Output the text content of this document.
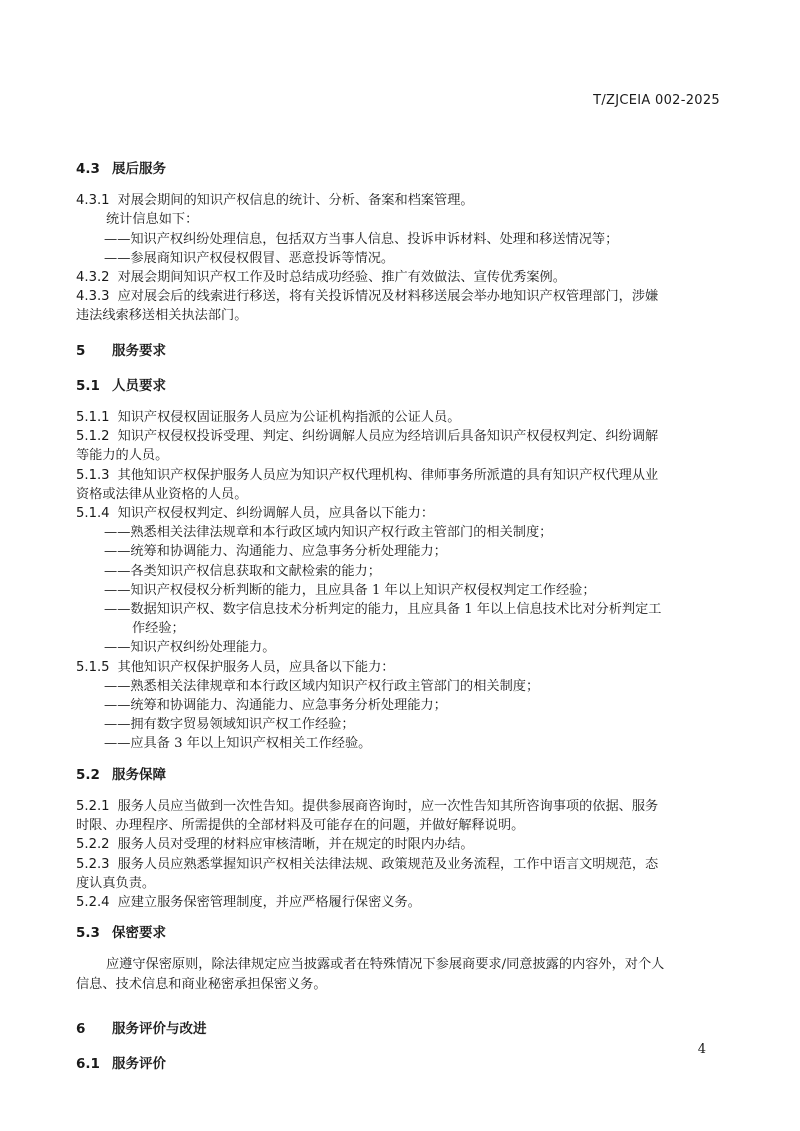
T/ZJCEIA 002-2025
4.3 展后服务

4.3.1 对展会期间的知识产权信息的统计、分析、备案和档案管理。

统计信息如下：

——知识产权纠纷处理信息，包括双方当事人信息、投诉申诉材料、处理和移送情况等；

——参展商知识产权侵权假冒、恶意投诉等情况。

4.3.2 对展会期间知识产权工作及时总结成功经验、推广有效做法、宣传优秀案例。

4.3.3 应对展会后的线索进行移送，将有关投诉情况及材料移送展会举办地知识产权管理部门，涉嫌

违法线索移送相关执法部门。

5 服务要求
5.1 人员要求

5.1.1 知识产权侵权固证服务人员应为公证机构指派的公证人员。

5.1.2 知识产权侵权投诉受理、判定、纠纷调解人员应为经培训后具备知识产权侵权判定、纠纷调解

等能力的人员。

5.1.3 其他知识产权保护服务人员应为知识产权代理机构、律师事务所派遣的具有知识产权代理从业

资格或法律从业资格的人员。

5.1.4 知识产权侵权判定、纠纷调解人员，应具备以下能力：

——熟悉相关法律法规章和本行政区域内知识产权行政主管部门的相关制度；

——统筹和协调能力、沟通能力、应急事务分析处理能力；

——各类知识产权信息获取和文献检索的能力；

——知识产权侵权分析判断的能力，且应具备 1 年以上知识产权侵权判定工作经验；

——数据知识产权、数字信息技术分析判定的能力，且应具备 1 年以上信息技术比对分析判定工

作经验；

——知识产权纠纷处理能力。

5.1.5 其他知识产权保护服务人员，应具备以下能力：

——熟悉相关法律规章和本行政区域内知识产权行政主管部门的相关制度；

——统筹和协调能力、沟通能力、应急事务分析处理能力；

——拥有数字贸易领域知识产权工作经验；

——应具备 3 年以上知识产权相关工作经验。

5.2 服务保障

5.2.1 服务人员应当做到一次性告知。提供参展商咨询时，应一次性告知其所咨询事项的依据、服务

时限、办理程序、所需提供的全部材料及可能存在的问题，并做好解释说明。

5.2.2 服务人员对受理的材料应审核清晰，并在规定的时限内办结。

5.2.3 服务人员应熟悉掌握知识产权相关法律法规、政策规范及业务流程，工作中语言文明规范，态

度认真负责。

5.2.4 应建立服务保密管理制度，并应严格履行保密义务。

5.3 保密要求

应遵守保密原则，除法律规定应当披露或者在特殊情况下参展商要求/同意披露的内容外，对个人

信息、技术信息和商业秘密承担保密义务。

6 服务评价与改进
6.1 服务评价
4
